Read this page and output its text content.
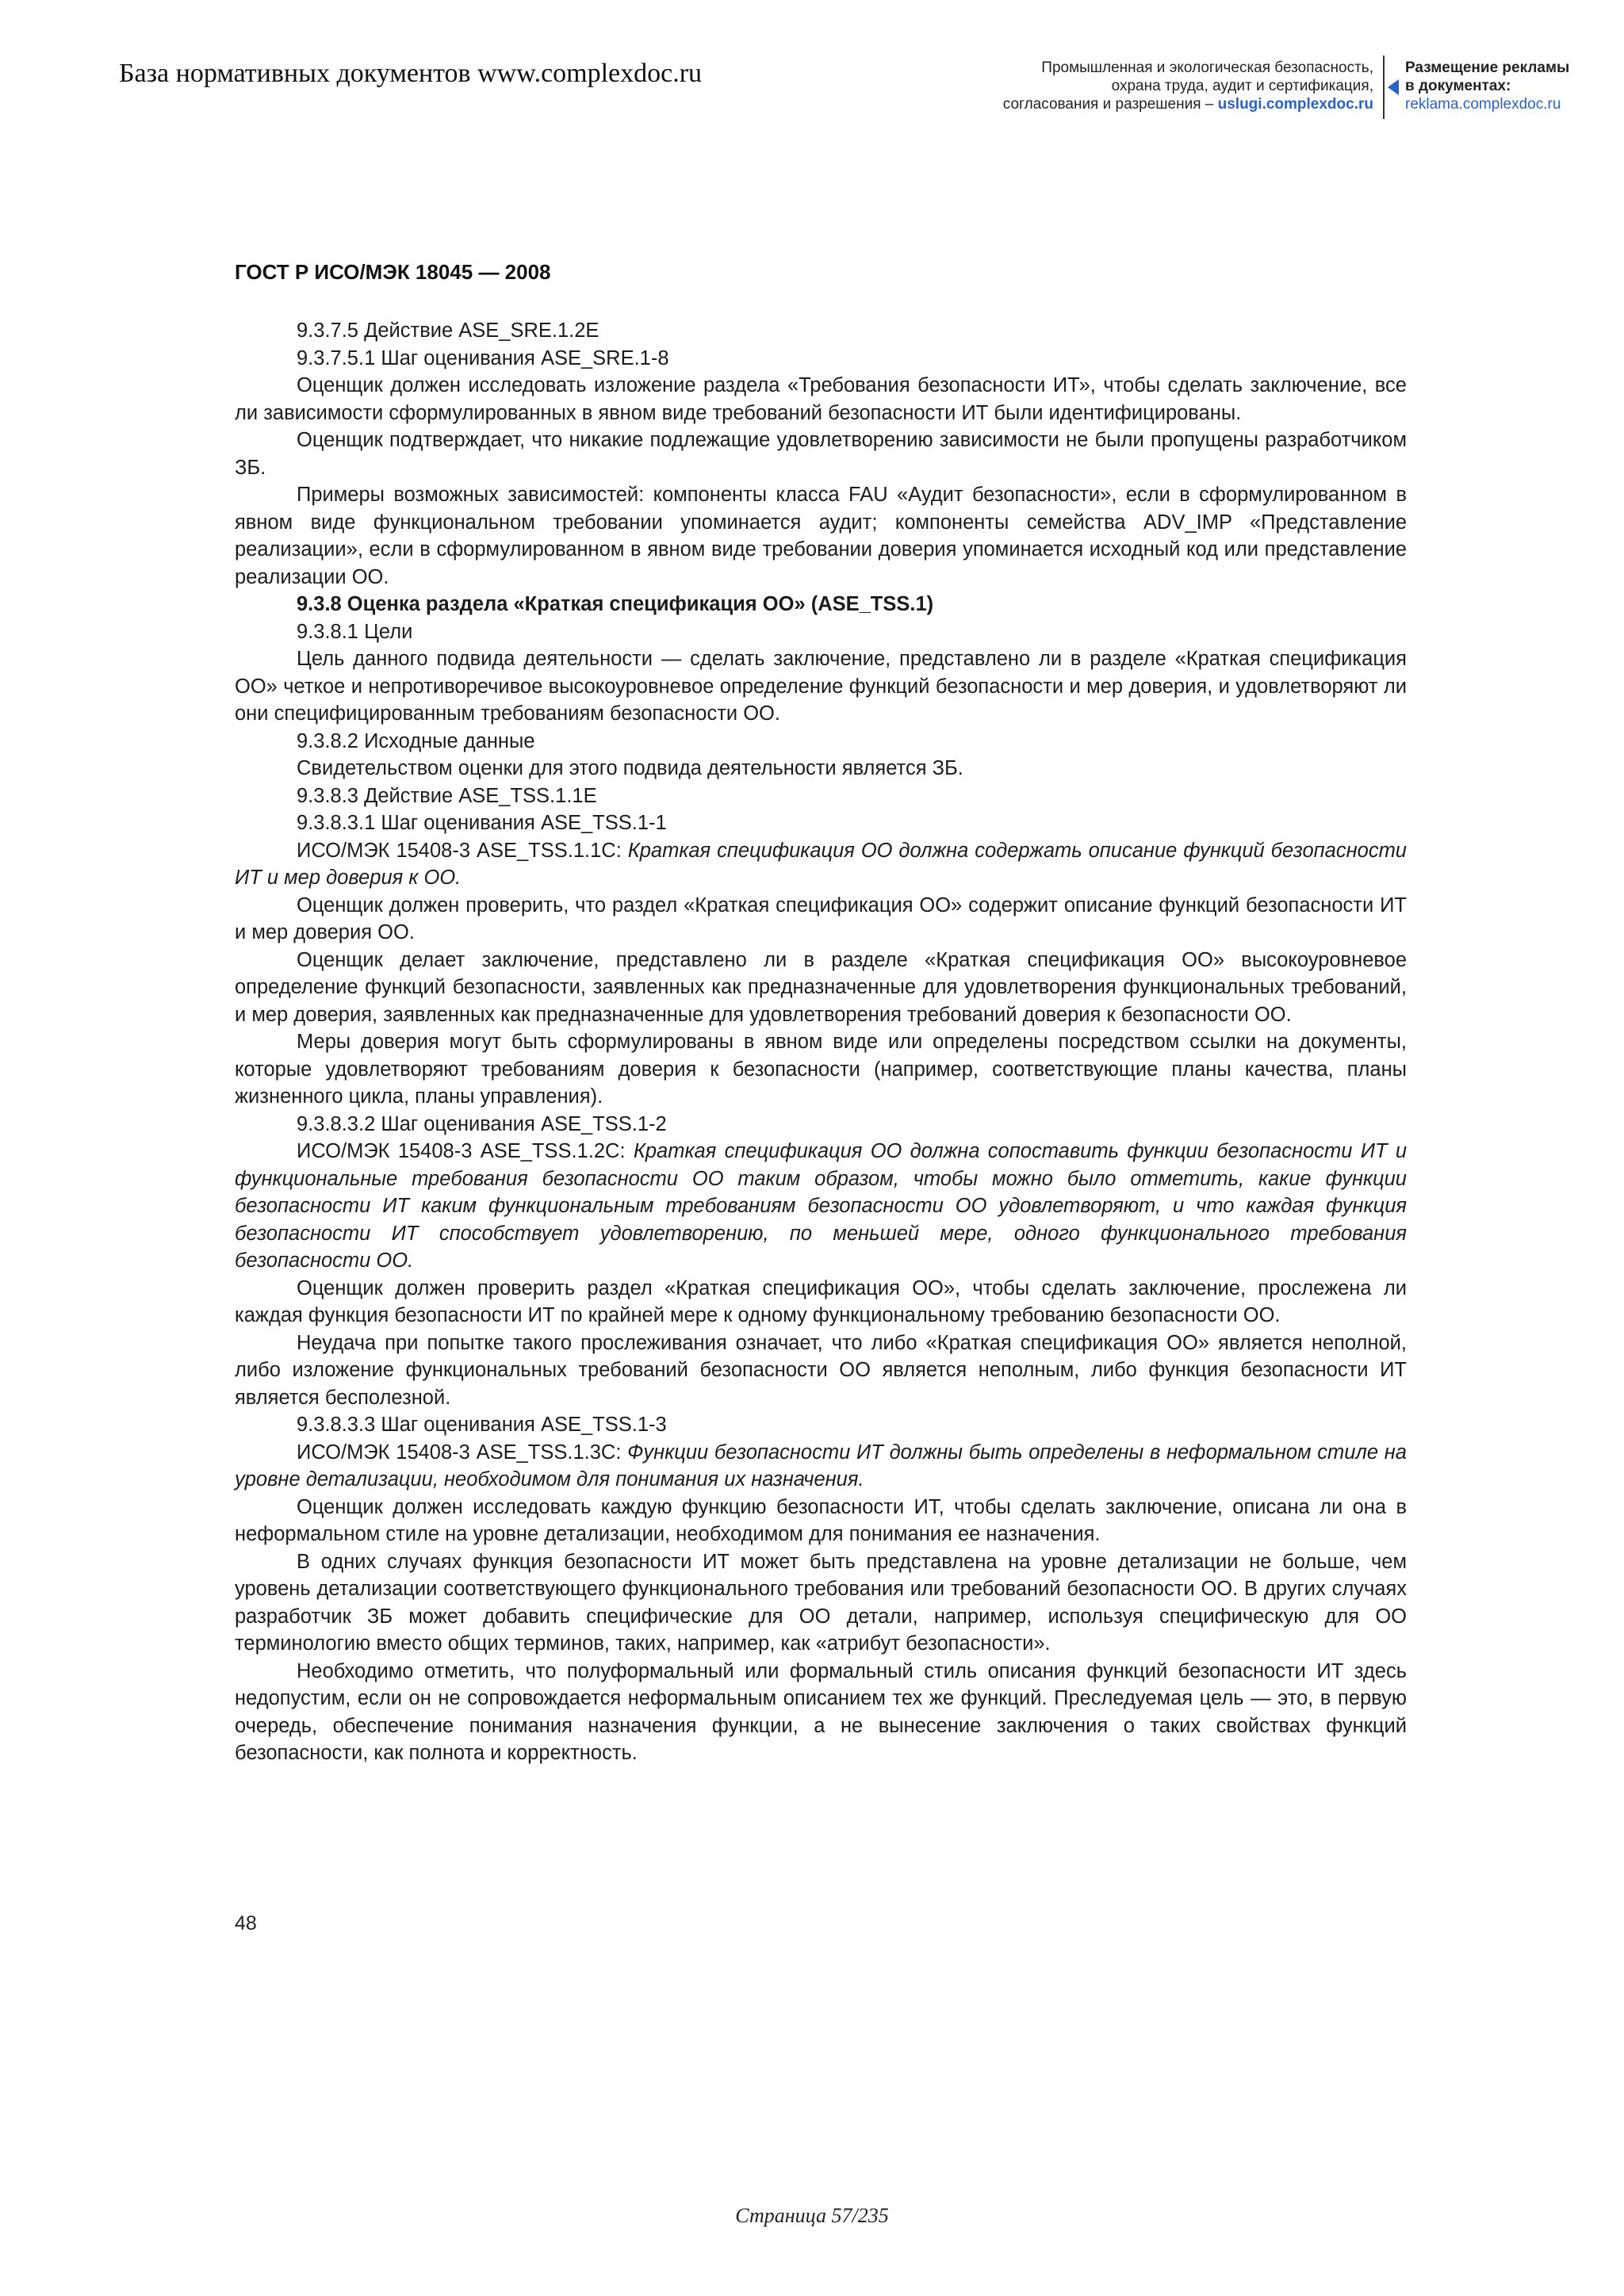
База нормативных документов www.complexdoc.ru	Промышленная и экологическая безопасность,
охрана труда, аудит и сертификация,
согласования и разрешения – uslugi.complexdoc.ru
Размещение рекламы
в документах:
reklama.complexdoc.ru
ГОСТ Р ИСО/МЭК 18045 — 2008

9.3.7.5 Действие ASE_SRE.1.2E

9.3.7.5.1 Шаг оценивания ASE_SRE.1-8

Оценщик должен исследовать изложение раздела «Требования безопасности ИТ», чтобы сделать заключение, все ли зависимости сформулированных в явном виде требований безопасности ИТ были идентифицированы.

Оценщик подтверждает, что никакие подлежащие удовлетворению зависимости не были пропущены разработчиком ЗБ.

Примеры возможных зависимостей: компоненты класса FAU «Аудит безопасности», если в сформулированном в явном виде функциональном требовании упоминается аудит; компоненты семейства ADV_IMP «Представление реализации», если в сформулированном в явном виде требовании доверия упоминается исходный код или представление реализации ОО.

9.3.8 Оценка раздела «Краткая спецификация ОО» (ASE_TSS.1)

9.3.8.1 Цели

Цель данного подвида деятельности — сделать заключение, представлено ли в разделе «Краткая спецификация ОО» четкое и непротиворечивое высокоуровневое определение функций безопасности и мер доверия, и удовлетворяют ли они специфицированным требованиям безопасности ОО.

9.3.8.2 Исходные данные

Свидетельством оценки для этого подвида деятельности является ЗБ.

9.3.8.3 Действие ASE_TSS.1.1E

9.3.8.3.1 Шаг оценивания ASE_TSS.1-1

ИСО/МЭК 15408-3 ASE_TSS.1.1C: Краткая спецификация ОО должна содержать описание функций безопасности ИТ и мер доверия к ОО.

Оценщик должен проверить, что раздел «Краткая спецификация ОО» содержит описание функций безопасности ИТ и мер доверия ОО.

Оценщик делает заключение, представлено ли в разделе «Краткая спецификация ОО» высокоуровневое определение функций безопасности, заявленных как предназначенные для удовлетворения функциональных требований, и мер доверия, заявленных как предназначенные для удовлетворения требований доверия к безопасности ОО.

Меры доверия могут быть сформулированы в явном виде или определены посредством ссылки на документы, которые удовлетворяют требованиям доверия к безопасности (например, соответствующие планы качества, планы жизненного цикла, планы управления).

9.3.8.3.2 Шаг оценивания ASE_TSS.1-2

ИСО/МЭК 15408-3 ASE_TSS.1.2C: Краткая спецификация ОО должна сопоставить функции безопасности ИТ и функциональные требования безопасности ОО таким образом, чтобы можно было отметить, какие функции безопасности ИТ каким функциональным требованиям безопасности ОО удовлетворяют, и что каждая функция безопасности ИТ способствует удовлетворению, по меньшей мере, одного функционального требования безопасности ОО.

Оценщик должен проверить раздел «Краткая спецификация ОО», чтобы сделать заключение, прослежена ли каждая функция безопасности ИТ по крайней мере к одному функциональному требованию безопасности ОО.

Неудача при попытке такого прослеживания означает, что либо «Краткая спецификация ОО» является неполной, либо изложение функциональных требований безопасности ОО является неполным, либо функция безопасности ИТ является бесполезной.

9.3.8.3.3 Шаг оценивания ASE_TSS.1-3

ИСО/МЭК 15408-3 ASE_TSS.1.3C: Функции безопасности ИТ должны быть определены в неформальном стиле на уровне детализации, необходимом для понимания их назначения.

Оценщик должен исследовать каждую функцию безопасности ИТ, чтобы сделать заключение, описана ли она в неформальном стиле на уровне детализации, необходимом для понимания ее назначения.

В одних случаях функция безопасности ИТ может быть представлена на уровне детализации не больше, чем уровень детализации соответствующего функционального требования или требований безопасности ОО. В других случаях разработчик ЗБ может добавить специфические для ОО детали, например, используя специфическую для ОО терминологию вместо общих терминов, таких, например, как «атрибут безопасности».

Необходимо отметить, что полуформальный или формальный стиль описания функций безопасности ИТ здесь недопустим, если он не сопровождается неформальным описанием тех же функций. Преследуемая цель — это, в первую очередь, обеспечение понимания назначения функции, а не вынесение заключения о таких свойствах функций безопасности, как полнота и корректность.

48
Страница 57/235
